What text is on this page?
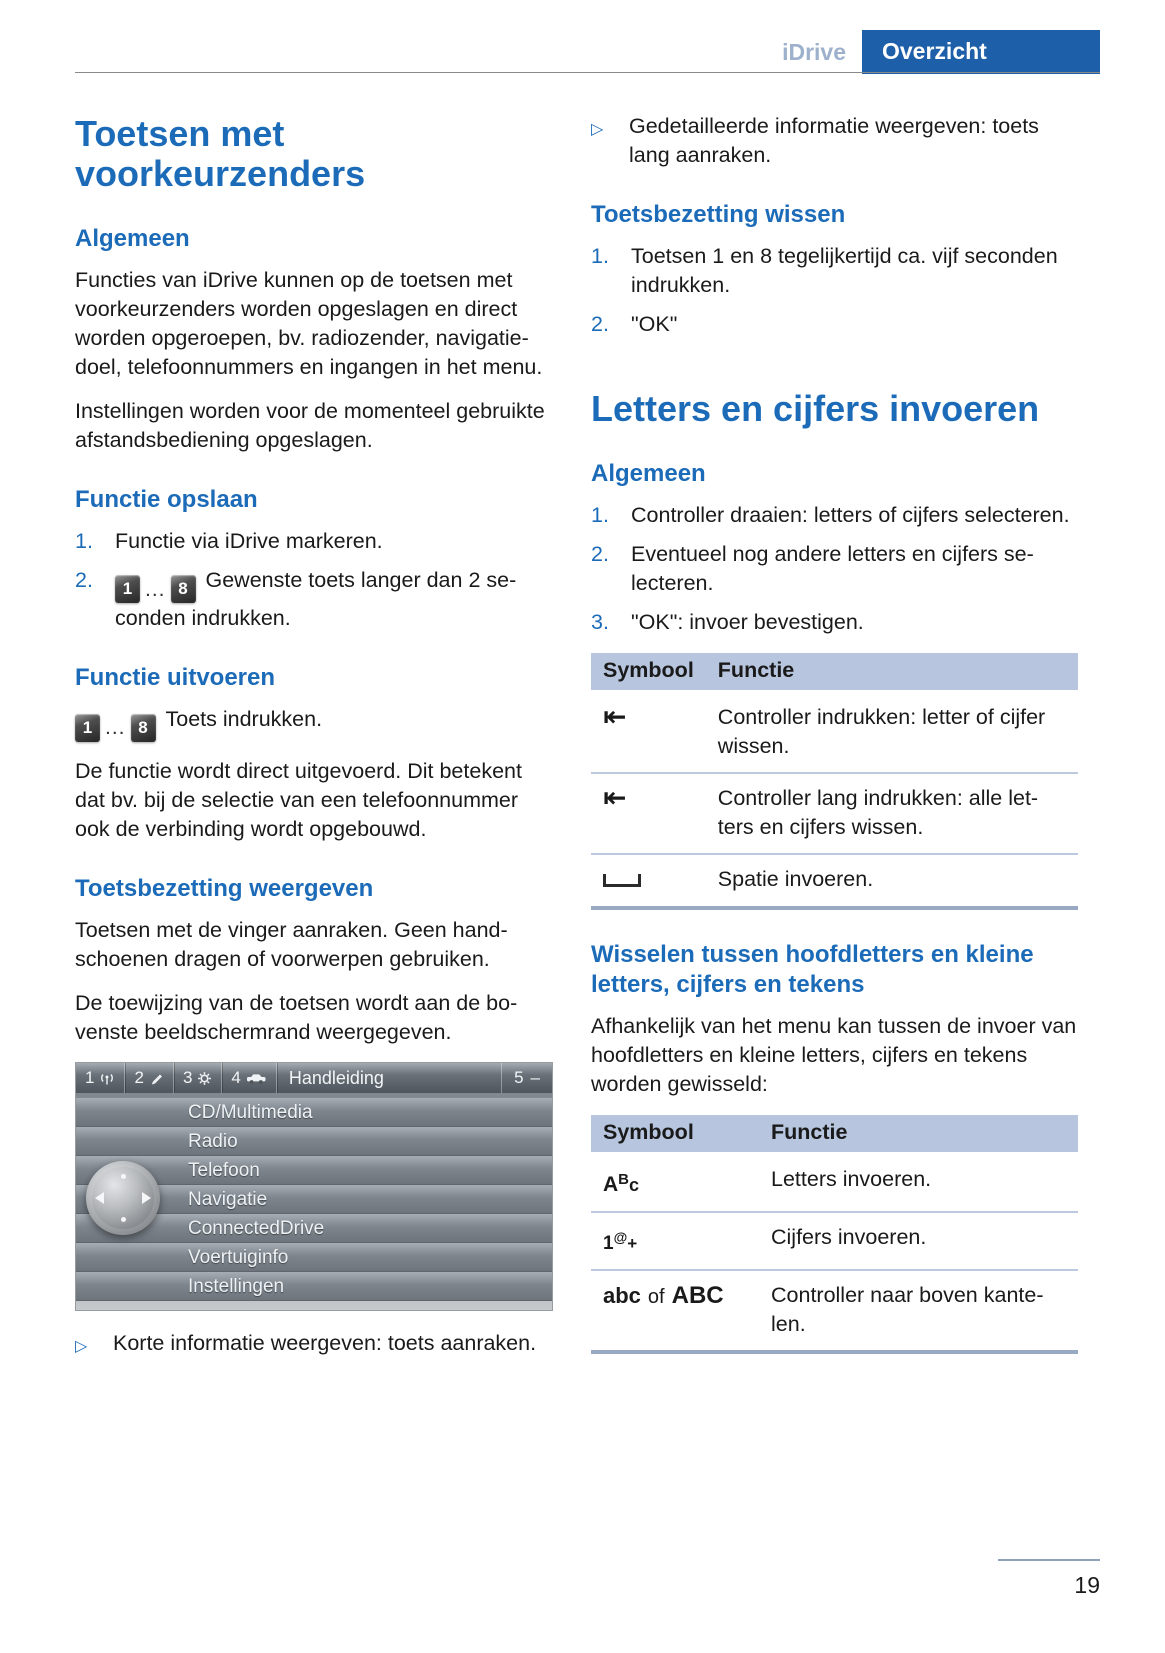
iDrive	Overzicht
Toetsen met voorkeurzenders
Algemeen

Functies van iDrive kunnen op de toetsen met voorkeurzenders worden opgeslagen en direct worden opgeroepen, bv. radiozender, navigatiedoel, telefoonnummers en ingangen in het menu.

Instellingen worden voor de momenteel gebruikte afstandsbediening opgeslagen.

Functie opslaan
1.	Functie via iDrive markeren.
2.	1 … 8 Gewenste toets langer dan 2 seconden indrukken.
Functie uitvoeren

1 … 8 Toets indrukken.

De functie wordt direct uitgevoerd. Dit betekent dat bv. bij de selectie van een telefoonnummer ook de verbinding wordt opgebouwd.

Toetsbezetting weergeven

Toetsen met de vinger aanraken. Geen handschoenen dragen of voorwerpen gebruiken.

De toewijzing van de toetsen wordt aan de bovenste beeldschermrand weergegeven.

1 2 3 4	Handleiding	5 –
CD/Multimedia
Radio
Telefoon
Navigatie
ConnectedDrive
Voertuiginfo
Instellingen
▷	Korte informatie weergeven: toets aanraken.
▷	Gedetailleerde informatie weergeven: toets lang aanraken.
Toetsbezetting wissen
1.	Toetsen 1 en 8 tegelijkertijd ca. vijf seconden indrukken.
2.	"OK"
Letters en cijfers invoeren
Algemeen
1.	Controller draaien: letters of cijfers selecteren.
2.	Eventueel nog andere letters en cijfers selecteren.
3.	"OK": invoer bevestigen.
Symbool	Functie
⇤	Controller indrukken: letter of cijfer wissen.
⇤	Controller lang indrukken: alle letters en cijfers wissen.
	Spatie invoeren.
Wisselen tussen hoofdletters en kleine letters, cijfers en tekens

Afhankelijk van het menu kan tussen de invoer van hoofdletters en kleine letters, cijfers en tekens worden gewisseld:

Symbool	Functie
$A^Bc$	Letters invoeren.
1@+	Cijfers invoeren.
abc of ABC	Controller naar boven kantelen.
19
